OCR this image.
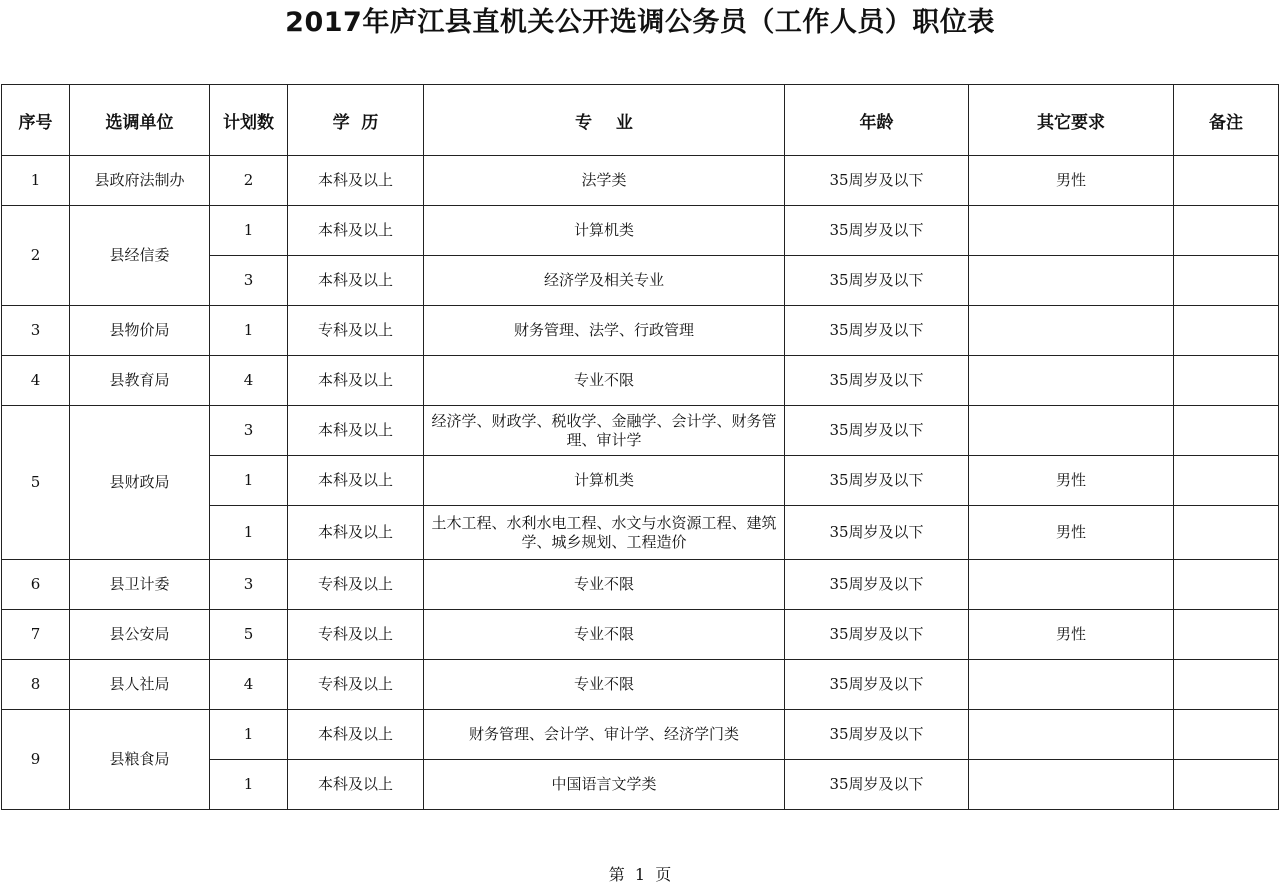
2017年庐江县直机关公开选调公务员（工作人员）职位表
序号	选调单位	计划数	学  历	专    业	年龄	其它要求	备注
1	县政府法制办	2	本科及以上	法学类	35周岁及以下	男性	
2	县经信委	1	本科及以上	计算机类	35周岁及以下		
		3	本科及以上	经济学及相关专业	35周岁及以下		
3	县物价局	1	专科及以上	财务管理、法学、行政管理	35周岁及以下		
4	县教育局	4	本科及以上	专业不限	35周岁及以下		
5	县财政局	3	本科及以上	经济学、财政学、税收学、金融学、会计学、财务管理、审计学	35周岁及以下		
		1	本科及以上	计算机类	35周岁及以下	男性	
		1	本科及以上	土木工程、水利水电工程、水文与水资源工程、建筑学、城乡规划、工程造价	35周岁及以下	男性	
6	县卫计委	3	专科及以上	专业不限	35周岁及以下		
7	县公安局	5	专科及以上	专业不限	35周岁及以下	男性	
8	县人社局	4	专科及以上	专业不限	35周岁及以下		
9	县粮食局	1	本科及以上	财务管理、会计学、审计学、经济学门类	35周岁及以下		
		1	本科及以上	中国语言文学类	35周岁及以下		
第  1  页
